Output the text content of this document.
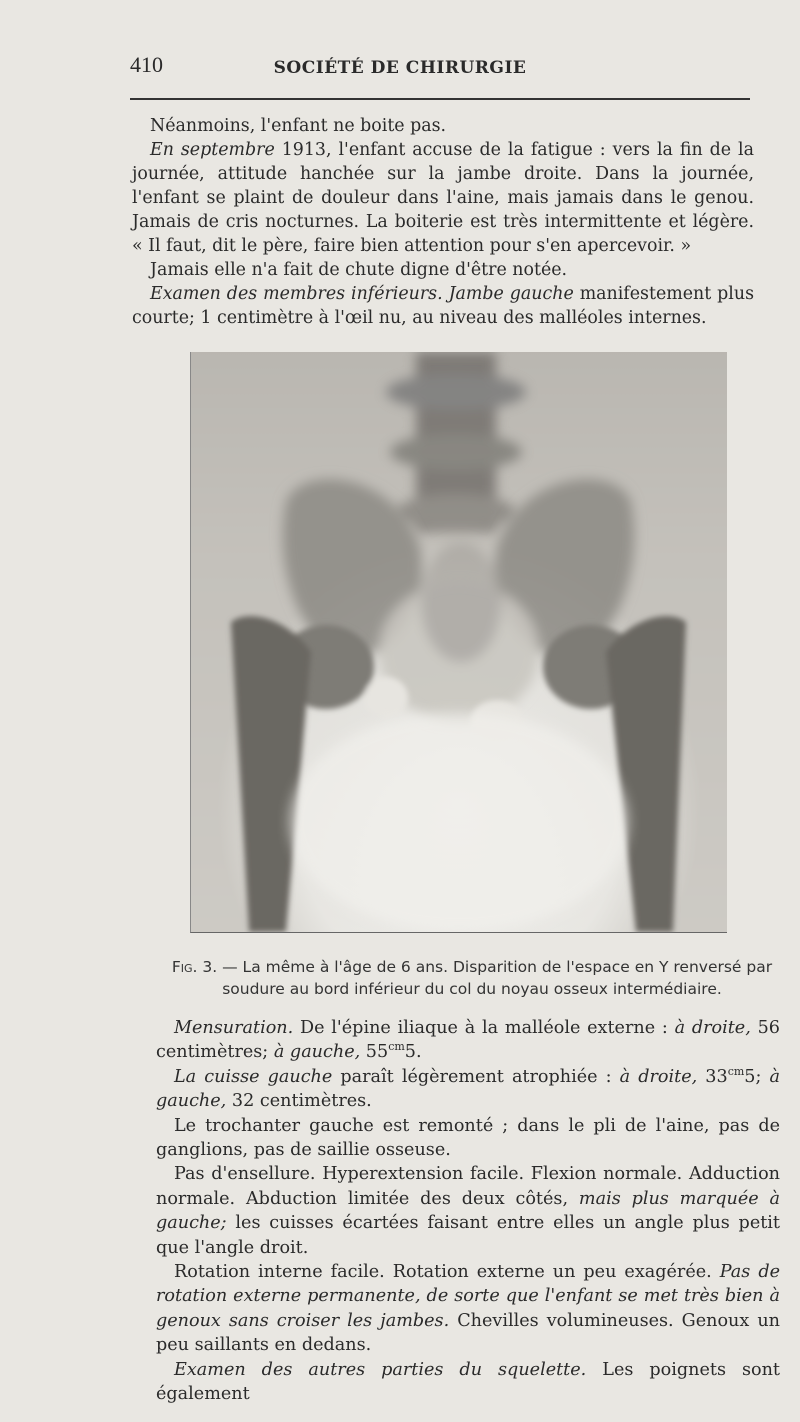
410	SOCIÉTÉ DE CHIRURGIE

Néanmoins, l'enfant ne boite pas.

En septembre 1913, l'enfant accuse de la fatigue : vers la fin de la journée, attitude hanchée sur la jambe droite. Dans la journée, l'enfant se plaint de douleur dans l'aine, mais jamais dans le genou. Jamais de cris nocturnes. La boiterie est très intermittente et légère. « Il faut, dit le père, faire bien attention pour s'en apercevoir. »

Jamais elle n'a fait de chute digne d'être notée.

Examen des membres inférieurs. Jambe gauche manifestement plus courte; 1 centimètre à l'œil nu, au niveau des malléoles internes.

Fig. 3. — La même à l'âge de 6 ans. Disparition de l'espace en Y renversé par soudure au bord inférieur du col du noyau osseux intermédiaire.

Mensuration. De l'épine iliaque à la malléole externe : à droite, 56 centimètres; à gauche, $55^{cm}5$.

La cuisse gauche paraît légèrement atrophiée : à droite, $33^{cm}5$; à gauche, 32 centimètres.

Le trochanter gauche est remonté ; dans le pli de l'aine, pas de ganglions, pas de saillie osseuse.

Pas d'ensellure. Hyperextension facile. Flexion normale. Adduction normale. Abduction limitée des deux côtés, mais plus marquée à gauche; les cuisses écartées faisant entre elles un angle plus petit que l'angle droit.

Rotation interne facile. Rotation externe un peu exagérée. Pas de rotation externe permanente, de sorte que l'enfant se met très bien à genoux sans croiser les jambes. Chevilles volumineuses. Genoux un peu saillants en dedans.

Examen des autres parties du squelette. Les poignets sont également
